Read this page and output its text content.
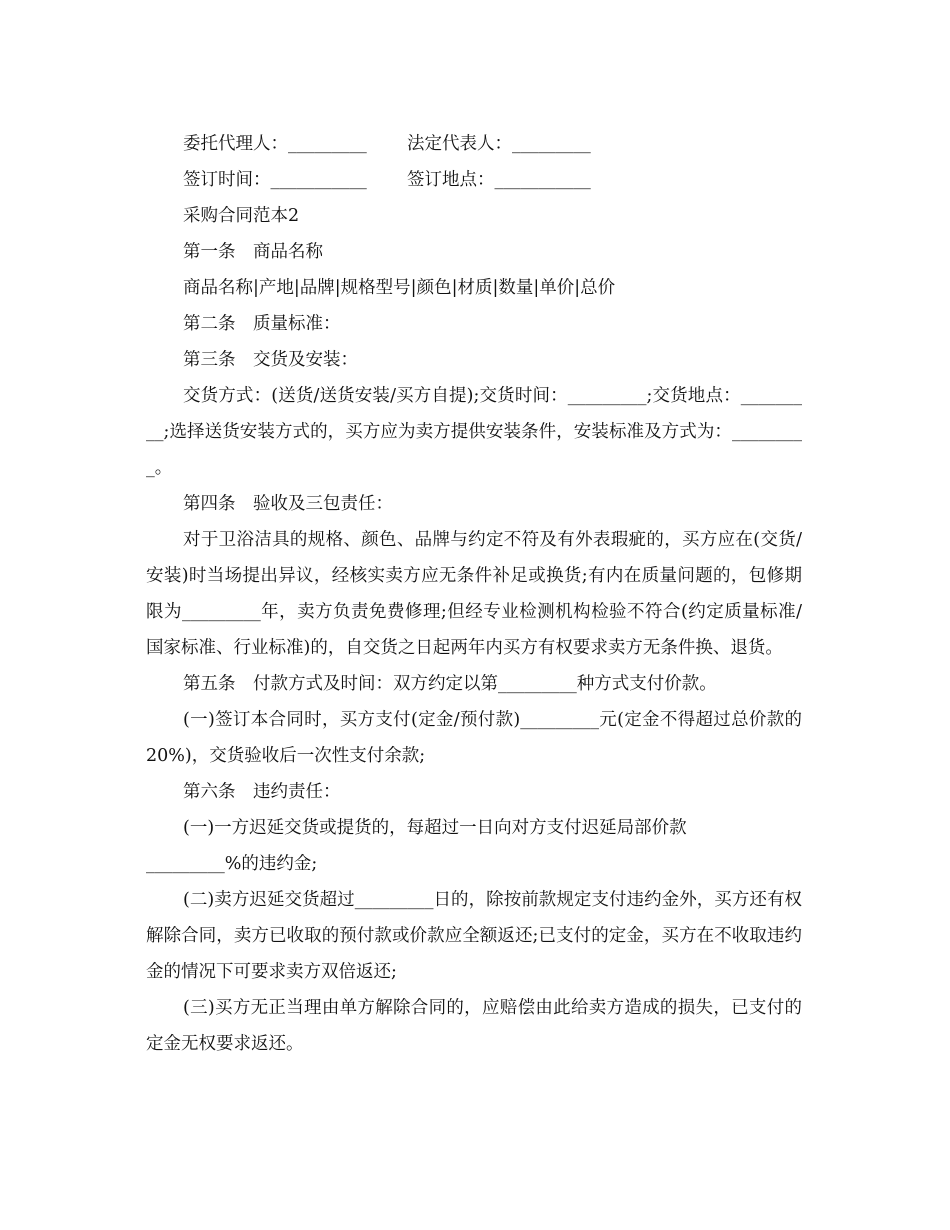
委托代理人：_________	法定代表人：_________
签订时间：___________	签订地点：___________

采购合同范本2

第一条　商品名称

商品名称|产地|品牌|规格型号|颜色|材质|数量|单价|总价

第二条　质量标准：

第三条　交货及安装：

交货方式：(送货/送货安装/买方自提);交货时间：_________;交货地点：_________;选择送货安装方式的，买方应为卖方提供安装条件，安装标准及方式为：_________。

第四条　验收及三包责任：

对于卫浴洁具的规格、颜色、品牌与约定不符及有外表瑕疵的，买方应在(交货/安装)时当场提出异议，经核实卖方应无条件补足或换货;有内在质量问题的，包修期限为_________年，卖方负责免费修理;但经专业检测机构检验不符合(约定质量标准/国家标准、行业标准)的，自交货之日起两年内买方有权要求卖方无条件换、退货。

第五条　付款方式及时间：双方约定以第_________种方式支付价款。

(一)签订本合同时，买方支付(定金/预付款)_________元(定金不得超过总价款的20%)，交货验收后一次性支付余款;

第六条　违约责任：

(一)一方迟延交货或提货的，每超过一日向对方支付迟延局部价款

_________%的违约金;

(二)卖方迟延交货超过_________日的，除按前款规定支付违约金外，买方还有权解除合同，卖方已收取的预付款或价款应全额返还;已支付的定金，买方在不收取违约金的情况下可要求卖方双倍返还;

(三)买方无正当理由单方解除合同的，应赔偿由此给卖方造成的损失，已支付的定金无权要求返还。
